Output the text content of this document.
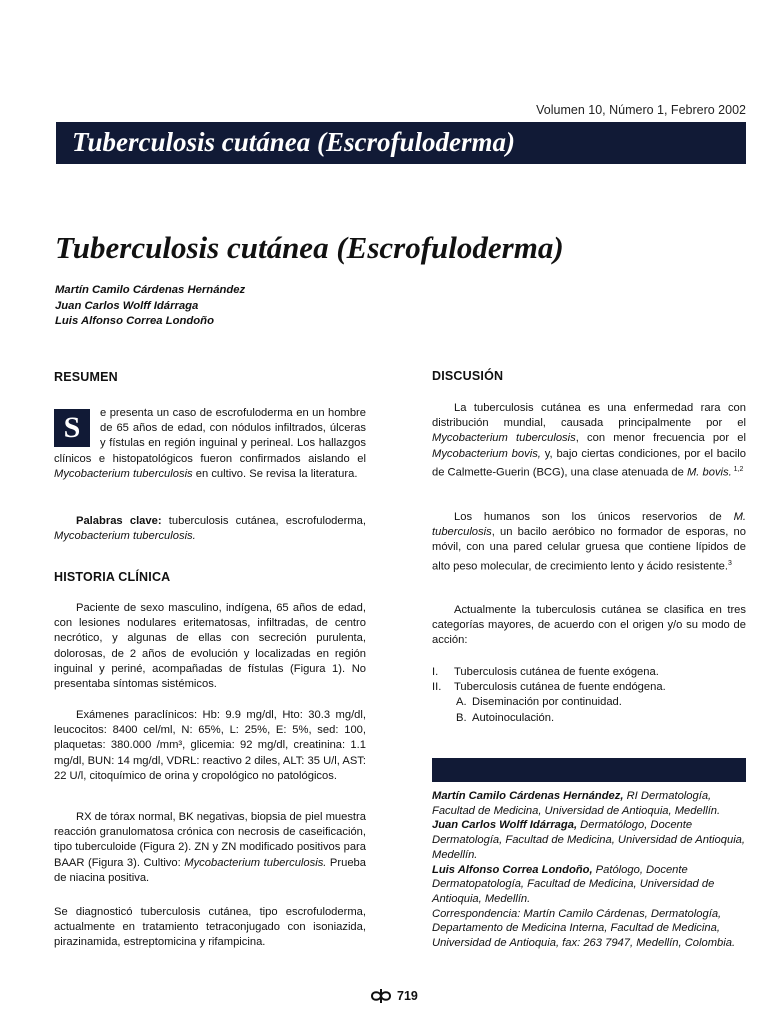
Volumen 10, Número 1, Febrero 2002
Tuberculosis cutánea (Escrofuloderma)
Tuberculosis cutánea (Escrofuloderma)
Martín Camilo Cárdenas Hernández
Juan Carlos Wolff Idárraga
Luis Alfonso Correa Londoño
RESUMEN
S	e presenta un caso de escrofuloderma en un hombre de 65 años de edad, con nódulos infiltrados, úlceras y fístulas en región inguinal y perineal. Los hallazgos clínicos e histopatológicos fueron confirmados aislando el Mycobacterium tuberculosis en cultivo. Se revisa la literatura.

Palabras clave: tuberculosis cutánea, escrofuloderma, Mycobacterium tuberculosis.

HISTORIA CLÍNICA

Paciente de sexo masculino, indígena, 65 años de edad, con lesiones nodulares eritematosas, infiltradas, de centro necrótico, y algunas de ellas con secreción purulenta, dolorosas, de 2 años de evolución y localizadas en región inguinal y periné, acompañadas de fístulas (Figura 1). No presentaba síntomas sistémicos.

Exámenes paraclínicos: Hb: 9.9 mg/dl, Hto: 30.3 mg/dl, leucocitos: 8400 cel/ml, N: 65%, L: 25%, E: 5%, sed: 100, plaquetas: 380.000 /mm³, glicemia: 92 mg/dl, creatinina: 1.1 mg/dl, BUN: 14 mg/dl, VDRL: reactivo 2 diles, ALT: 35 U/l, AST: 22 U/l, citoquímico de orina y cropológico no patológicos.

RX de tórax normal, BK negativas, biopsia de piel muestra reacción granulomatosa crónica con necrosis de caseificación, tipo tuberculoide (Figura 2). ZN y ZN modificado positivos para BAAR (Figura 3). Cultivo: Mycobacterium tuberculosis. Prueba de niacina positiva.

Se diagnosticó tuberculosis cutánea, tipo escrofuloderma, actualmente en tratamiento tetraconjugado con isoniazida, pirazinamida, estreptomicina y rifampicina.

DISCUSIÓN

La tuberculosis cutánea es una enfermedad rara con distribución mundial, causada principalmente por el Mycobacterium tuberculosis, con menor frecuencia por el Mycobacterium bovis, y, bajo ciertas condiciones, por el bacilo de Calmette-Guerin (BCG), una clase atenuada de M. bovis. $^{1,2}$

Los humanos son los únicos reservorios de M. tuberculosis, un bacilo aeróbico no formador de esporas, no móvil, con una pared celular gruesa que contiene lípidos de alto peso molecular, de crecimiento lento y ácido resistente.$^3$

Actualmente la tuberculosis cutánea se clasifica en tres categorías mayores, de acuerdo con el origen y/o su modo de acción:

I. Tuberculosis cutánea de fuente exógena.
II. Tuberculosis cutánea de fuente endógena.
A. Diseminación por continuidad.
B. Autoinoculación.
Martín Camilo Cárdenas Hernández, RI Dermatología, Facultad de Medicina, Universidad de Antioquia, Medellín.
Juan Carlos Wolff Idárraga, Dermatólogo, Docente Dermatología, Facultad de Medicina, Universidad de Antioquia, Medellín.
Luis Alfonso Correa Londoño, Patólogo, Docente Dermatopatología, Facultad de Medicina, Universidad de Antioquia, Medellín.
Correspondencia: Martín Camilo Cárdenas, Dermatología, Departamento de Medicina Interna, Facultad de Medicina, Universidad de Antioquia, fax: 263 7947, Medellín, Colombia.
719
